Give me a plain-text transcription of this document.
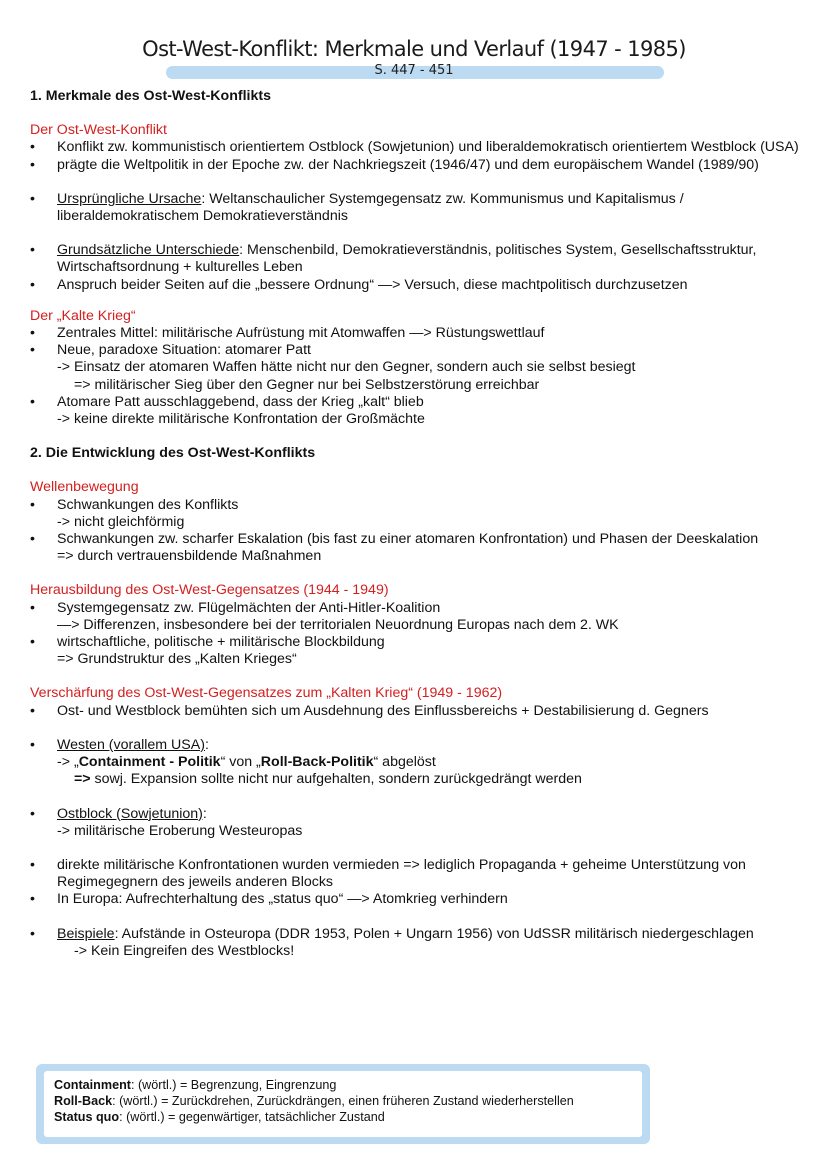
Ost-West-Konflikt: Merkmale und Verlauf (1947 - 1985)
S. 447 - 451

1. Merkmale des Ost-West-Konflikts

Der Ost-West-Konflikt
• Konflikt zw. kommunistisch orientiertem Ostblock (Sowjetunion) und liberaldemokratisch orientiertem Westblock (USA)
• prägte die Weltpolitik in der Epoche zw. der Nachkriegszeit (1946/47) und dem europäischem Wandel (1989/90)
• Ursprüngliche Ursache: Weltanschaulicher Systemgegensatz zw. Kommunismus und Kapitalismus / liberaldemokratischem Demokratieverständnis
• Grundsätzliche Unterschiede: Menschenbild, Demokratieverständnis, politisches System, Gesellschaftsstruktur, Wirtschaftsordnung + kulturelles Leben
• Anspruch beider Seiten auf die „bessere Ordnung“ —> Versuch, diese machtpolitisch durchzusetzen
Der „Kalte Krieg“
• Zentrales Mittel: militärische Aufrüstung mit Atomwaffen —> Rüstungswettlauf
• Neue, paradoxe Situation: atomarer Patt
-> Einsatz der atomaren Waffen hätte nicht nur den Gegner, sondern auch sie selbst besiegt
=> militärischer Sieg über den Gegner nur bei Selbstzerstörung erreichbar
• Atomare Patt ausschlaggebend, dass der Krieg „kalt“ blieb
-> keine direkte militärische Konfrontation der Großmächte

2. Die Entwicklung des Ost-West-Konflikts

Wellenbewegung
• Schwankungen des Konflikts
-> nicht gleichförmig
• Schwankungen zw. scharfer Eskalation (bis fast zu einer atomaren Konfrontation) und Phasen der Deeskalation
=> durch vertrauensbildende Maßnahmen
Herausbildung des Ost-West-Gegensatzes (1944 - 1949)
• Systemgegensatz zw. Flügelmächten der Anti-Hitler-Koalition
—> Differenzen, insbesondere bei der territorialen Neuordnung Europas nach dem 2. WK
• wirtschaftliche, politische + militärische Blockbildung
=> Grundstruktur des „Kalten Krieges“
Verschärfung des Ost-West-Gegensatzes zum „Kalten Krieg“ (1949 - 1962)
• Ost- und Westblock bemühten sich um Ausdehnung des Einflussbereichs + Destabilisierung d. Gegners
• Westen (vorallem USA):
-> „Containment - Politik“ von „Roll-Back-Politik“ abgelöst
=> sowj. Expansion sollte nicht nur aufgehalten, sondern zurückgedrängt werden
• Ostblock (Sowjetunion):
-> militärische Eroberung Westeuropas
• direkte militärische Konfrontationen wurden vermieden => lediglich Propaganda + geheime Unterstützung von Regimegegnern des jeweils anderen Blocks
• In Europa: Aufrechterhaltung des „status quo“ —> Atomkrieg verhindern
• Beispiele: Aufstände in Osteuropa (DDR 1953, Polen + Ungarn 1956) von UdSSR militärisch niedergeschlagen
-> Kein Eingreifen des Westblocks!
Containment: (wörtl.) = Begrenzung, Eingrenzung
Roll-Back: (wörtl.) = Zurückdrehen, Zurückdrängen, einen früheren Zustand wiederherstellen
Status quo: (wörtl.) = gegenwärtiger, tatsächlicher Zustand
